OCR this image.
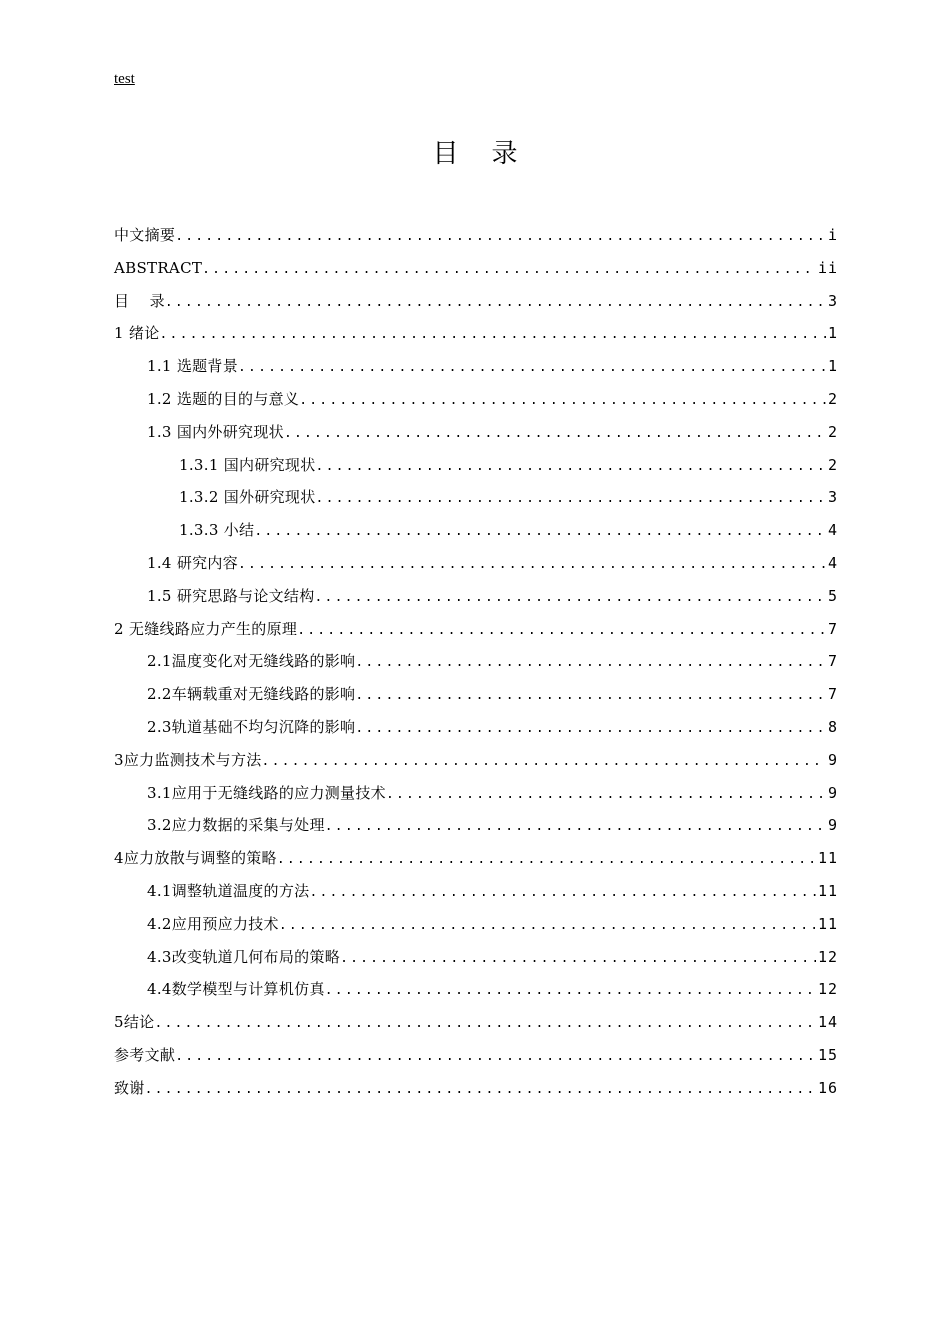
test
目    录
中文摘要 .....	i
ABSTRACT .....	ii
目    录 .....	3
1 绪论 .....	1
1.1 选题背景 .....	1
1.2 选题的目的与意义 .....	2
1.3 国内外研究现状 .....	2
1.3.1 国内研究现状 .....	2
1.3.2 国外研究现状 .....	3
1.3.3 小结 .....	4
1.4 研究内容 .....	4
1.5 研究思路与论文结构 .....	5
2 无缝线路应力产生的原理 .....	7
2.1温度变化对无缝线路的影响 .....	7
2.2车辆载重对无缝线路的影响 .....	7
2.3轨道基础不均匀沉降的影响 .....	8
3应力监测技术与方法 .....	9
3.1应用于无缝线路的应力测量技术 .....	9
3.2应力数据的采集与处理 .....	9
4应力放散与调整的策略 .....	11
4.1调整轨道温度的方法 .....	11
4.2应用预应力技术 .....	11
4.3改变轨道几何布局的策略 .....	12
4.4数学模型与计算机仿真 .....	12
5结论 .....	14
参考文献 .....	15
致谢 .....	16
